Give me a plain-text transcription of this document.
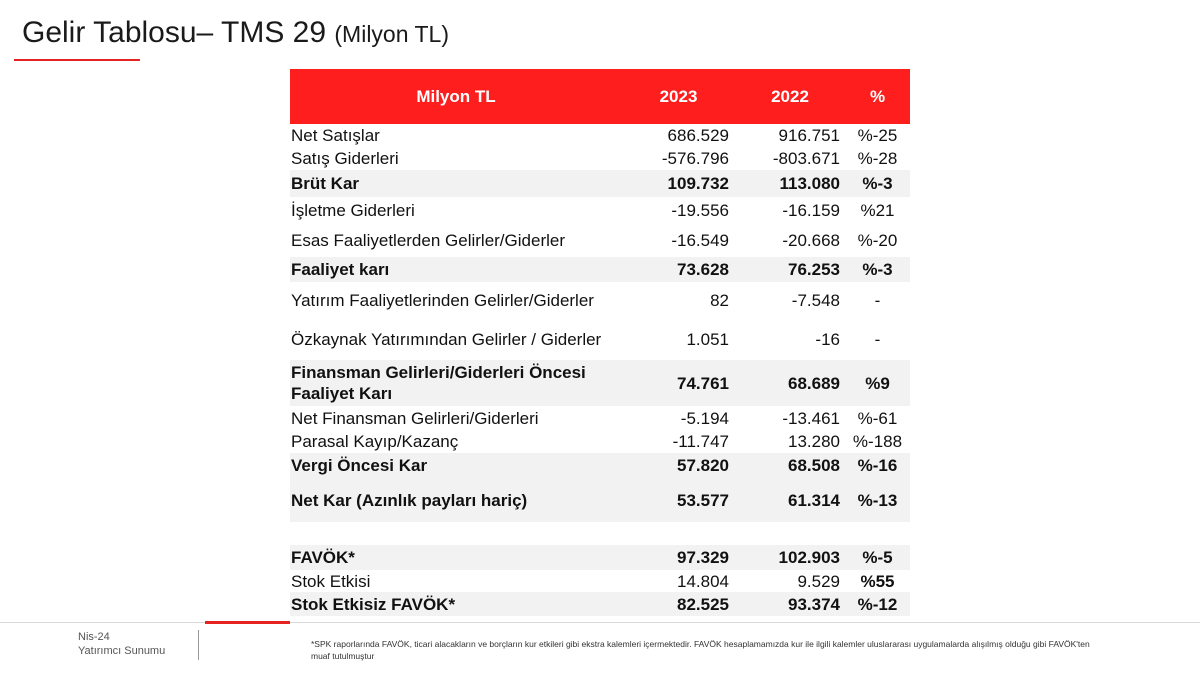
Gelir Tablosu– TMS 29 (Milyon TL)
Milyon TL	2023	2022	%
Net Satışlar	686.529	916.751	%-25
Satış Giderleri	-576.796	-803.671	%-28
Brüt Kar	109.732	113.080	%-3
İşletme Giderleri	-19.556	-16.159	%21
Esas Faaliyetlerden Gelirler/Giderler	-16.549	-20.668	%-20
Faaliyet karı	73.628	76.253	%-3
Yatırım Faaliyetlerinden Gelirler/Giderler	82	-7.548	-
Özkaynak Yatırımından Gelirler / Giderler	1.051	-16	-
Finansman Gelirleri/Giderleri Öncesi Faaliyet Karı	74.761	68.689	%9
Net Finansman Gelirleri/Giderleri	-5.194	-13.461	%-61
Parasal Kayıp/Kazanç	-11.747	13.280	%-188
Vergi Öncesi Kar	57.820	68.508	%-16
Net Kar (Azınlık payları hariç)	53.577	61.314	%-13

FAVÖK*	97.329	102.903	%-5
Stok Etkisi	14.804	9.529	%55
Stok Etkisiz FAVÖK*	82.525	93.374	%-12
Nis-24
Yatırımcı Sunumu
*SPK raporlarında FAVÖK, ticari alacakların ve borçların kur etkileri gibi ekstra kalemleri içermektedir. FAVÖK hesaplamamızda kur ile ilgili kalemler uluslararası uygulamalarda alışılmış olduğu gibi FAVÖK'ten muaf tutulmuştur
